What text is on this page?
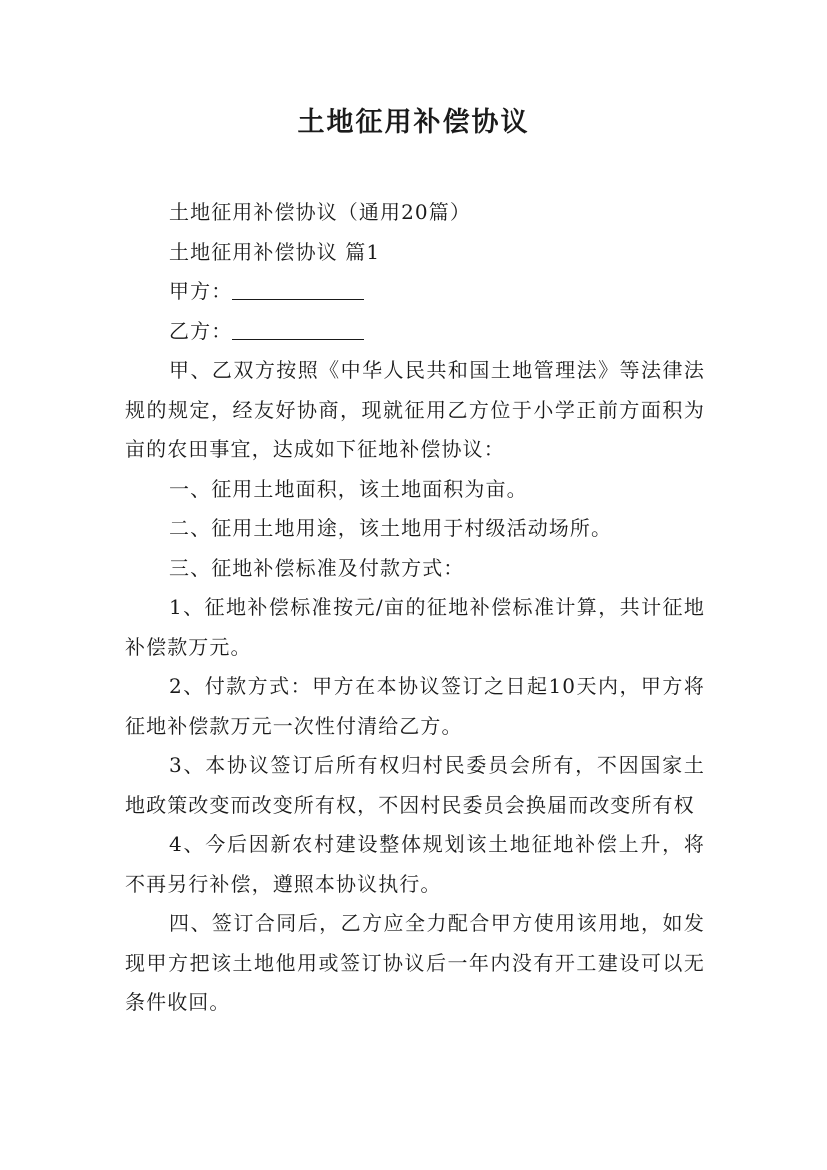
土地征用补偿协议

土地征用补偿协议（通用20篇）

土地征用补偿协议 篇1

甲方：

乙方：

甲、乙双方按照《中华人民共和国土地管理法》等法律法规的规定，经友好协商，现就征用乙方位于小学正前方面积为亩的农田事宜，达成如下征地补偿协议：

一、征用土地面积，该土地面积为亩。

二、征用土地用途，该土地用于村级活动场所。

三、征地补偿标准及付款方式：

1、征地补偿标准按元/亩的征地补偿标准计算，共计征地补偿款万元。

2、付款方式：甲方在本协议签订之日起10天内，甲方将征地补偿款万元一次性付清给乙方。

3、本协议签订后所有权归村民委员会所有，不因国家土地政策改变而改变所有权，不因村民委员会换届而改变所有权

4、今后因新农村建设整体规划该土地征地补偿上升，将不再另行补偿，遵照本协议执行。

四、签订合同后，乙方应全力配合甲方使用该用地，如发现甲方把该土地他用或签订协议后一年内没有开工建设可以无条件收回。
